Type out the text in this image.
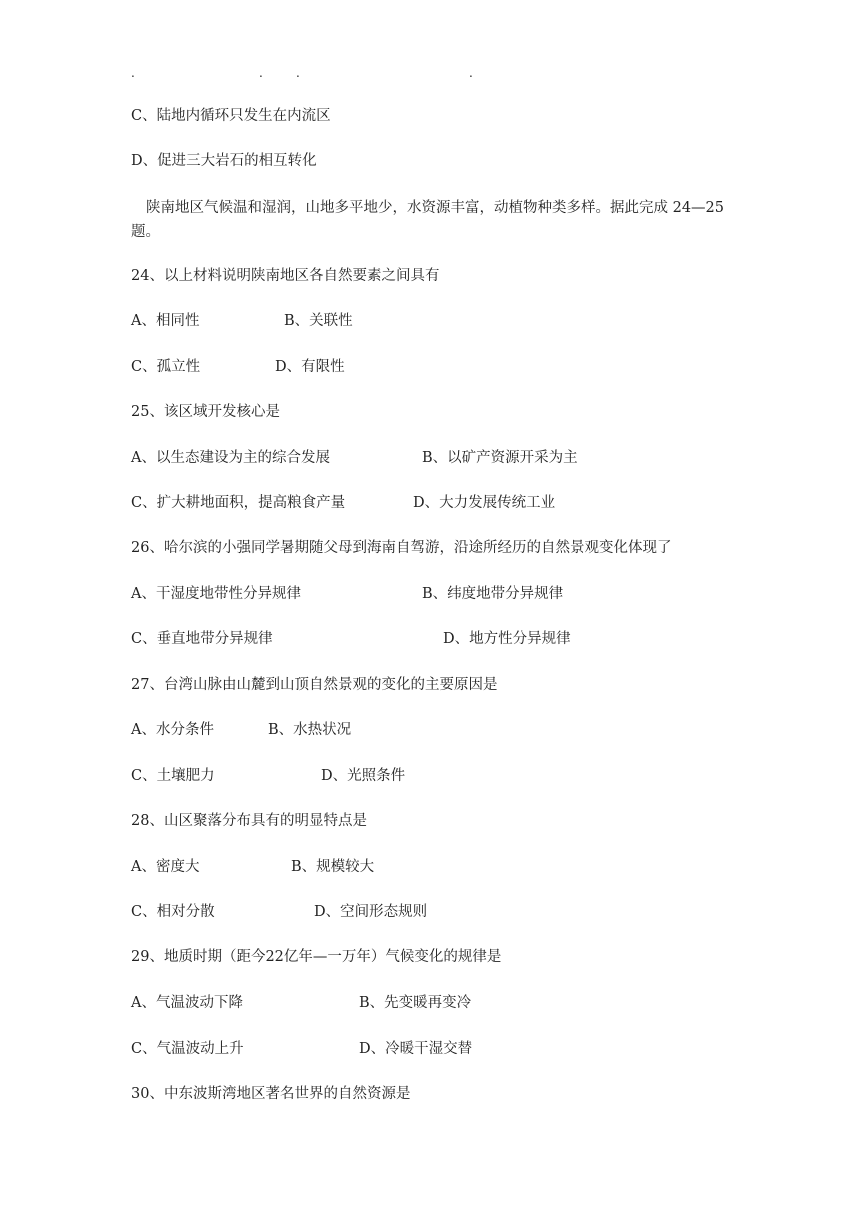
.	.	.	.
C、陆地内循环只发生在内流区
D、促进三大岩石的相互转化
陕南地区气候温和湿润，山地多平地少，水资源丰富，动植物种类多样。据此完成 24—25 题。
24、以上材料说明陕南地区各自然要素之间具有
A、相同性	B、关联性
C、孤立性	D、有限性
25、该区域开发核心是
A、以生态建设为主的综合发展	B、以矿产资源开采为主
C、扩大耕地面积，提高粮食产量	D、大力发展传统工业
26、哈尔滨的小强同学暑期随父母到海南自驾游，沿途所经历的自然景观变化体现了
A、干湿度地带性分异规律	B、纬度地带分异规律
C、垂直地带分异规律	D、地方性分异规律
27、台湾山脉由山麓到山顶自然景观的变化的主要原因是
A、水分条件	B、水热状况
C、土壤肥力	D、光照条件
28、山区聚落分布具有的明显特点是
A、密度大	B、规模较大
C、相对分散	D、空间形态规则
29、地质时期（距今22亿年—一万年）气候变化的规律是
A、气温波动下降	B、先变暖再变冷
C、气温波动上升	D、冷暖干湿交替
30、中东波斯湾地区著名世界的自然资源是
